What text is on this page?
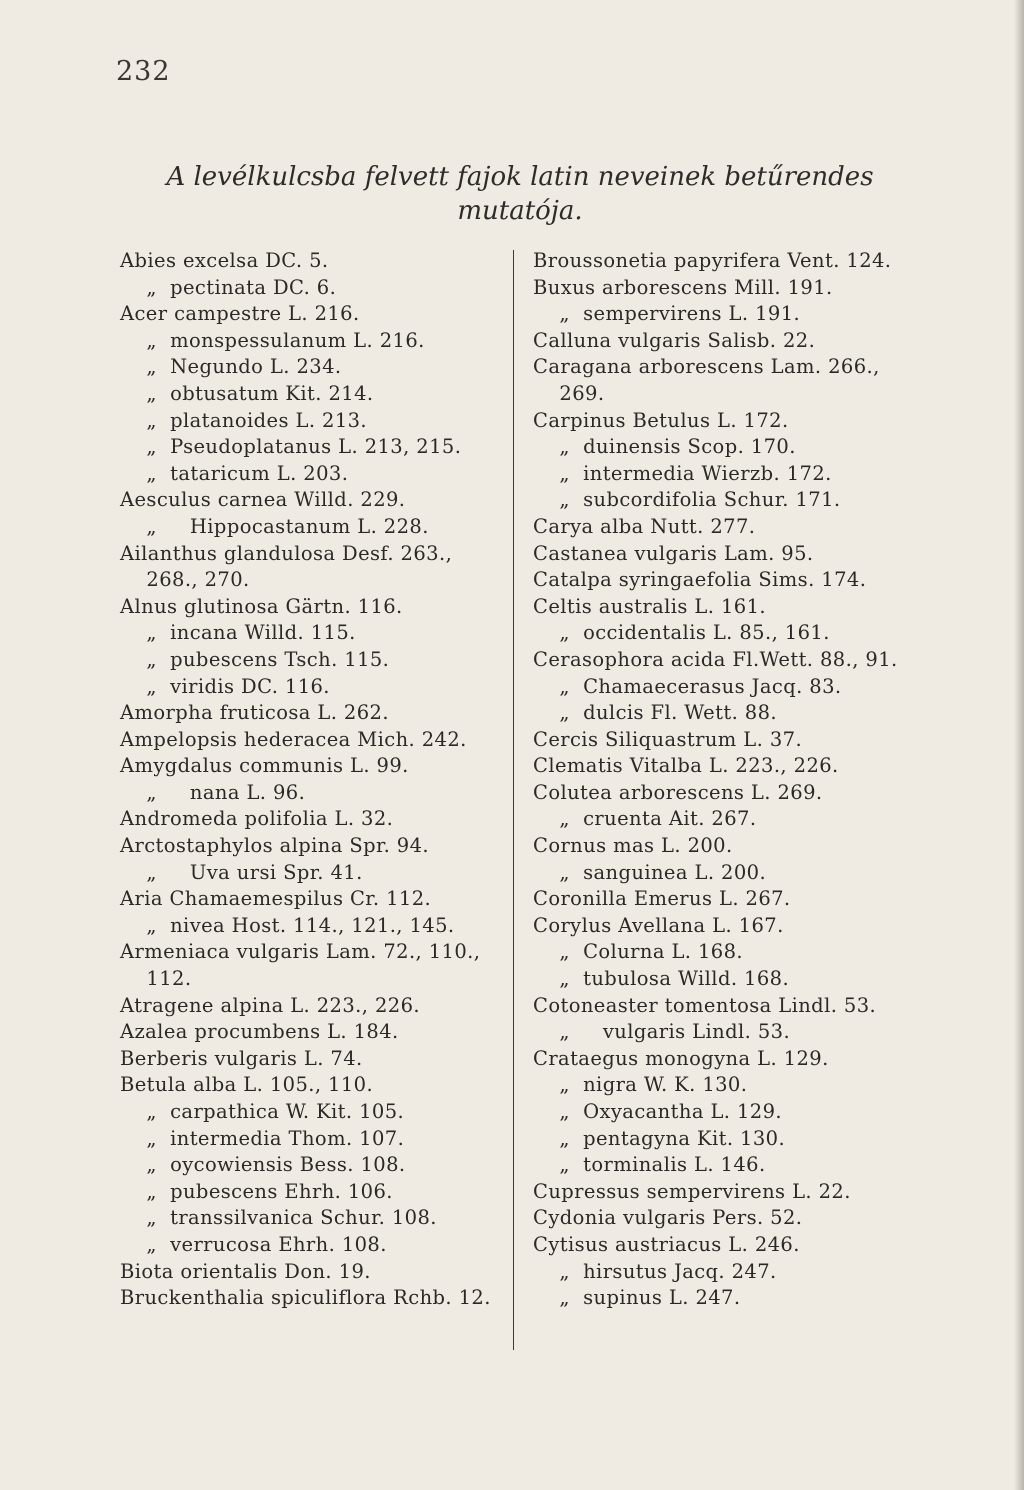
232
A levélkulcsba felvett fajok latin neveinek betűrendes
mutatója.
Abies excelsa DC. 5.
„  pectinata DC. 6.
Acer campestre L. 216.
„  monspessulanum L. 216.
„  Negundo L. 234.
„  obtusatum Kit. 214.
„  platanoides L. 213.
„  Pseudoplatanus L. 213, 215.
„  tataricum L. 203.
Aesculus carnea Willd. 229.
„     Hippocastanum L. 228.
Ailanthus glandulosa Desf. 263.,
268., 270.
Alnus glutinosa Gärtn. 116.
„  incana Willd. 115.
„  pubescens Tsch. 115.
„  viridis DC. 116.
Amorpha fruticosa L. 262.
Ampelopsis hederacea Mich. 242.
Amygdalus communis L. 99.
„     nana L. 96.
Andromeda polifolia L. 32.
Arctostaphylos alpina Spr. 94.
„     Uva ursi Spr. 41.
Aria Chamaemespilus Cr. 112.
„  nivea Host. 114., 121., 145.
Armeniaca vulgaris Lam. 72., 110.,
112.
Atragene alpina L. 223., 226.
Azalea procumbens L. 184.
Berberis vulgaris L. 74.
Betula alba L. 105., 110.
„  carpathica W. Kit. 105.
„  intermedia Thom. 107.
„  oycowiensis Bess. 108.
„  pubescens Ehrh. 106.
„  transsilvanica Schur. 108.
„  verrucosa Ehrh. 108.
Biota orientalis Don. 19.
Bruckenthalia spiculiflora Rchb. 12.
Broussonetia papyrifera Vent. 124.
Buxus arborescens Mill. 191.
„  sempervirens L. 191.
Calluna vulgaris Salisb. 22.
Caragana arborescens Lam. 266.,
269.
Carpinus Betulus L. 172.
„  duinensis Scop. 170.
„  intermedia Wierzb. 172.
„  subcordifolia Schur. 171.
Carya alba Nutt. 277.
Castanea vulgaris Lam. 95.
Catalpa syringaefolia Sims. 174.
Celtis australis L. 161.
„  occidentalis L. 85., 161.
Cerasophora acida Fl.Wett. 88., 91.
„  Chamaecerasus Jacq. 83.
„  dulcis Fl. Wett. 88.
Cercis Siliquastrum L. 37.
Clematis Vitalba L. 223., 226.
Colutea arborescens L. 269.
„  cruenta Ait. 267.
Cornus mas L. 200.
„  sanguinea L. 200.
Coronilla Emerus L. 267.
Corylus Avellana L. 167.
„  Colurna L. 168.
„  tubulosa Willd. 168.
Cotoneaster tomentosa Lindl. 53.
„     vulgaris Lindl. 53.
Crataegus monogyna L. 129.
„  nigra W. K. 130.
„  Oxyacantha L. 129.
„  pentagyna Kit. 130.
„  torminalis L. 146.
Cupressus sempervirens L. 22.
Cydonia vulgaris Pers. 52.
Cytisus austriacus L. 246.
„  hirsutus Jacq. 247.
„  supinus L. 247.
